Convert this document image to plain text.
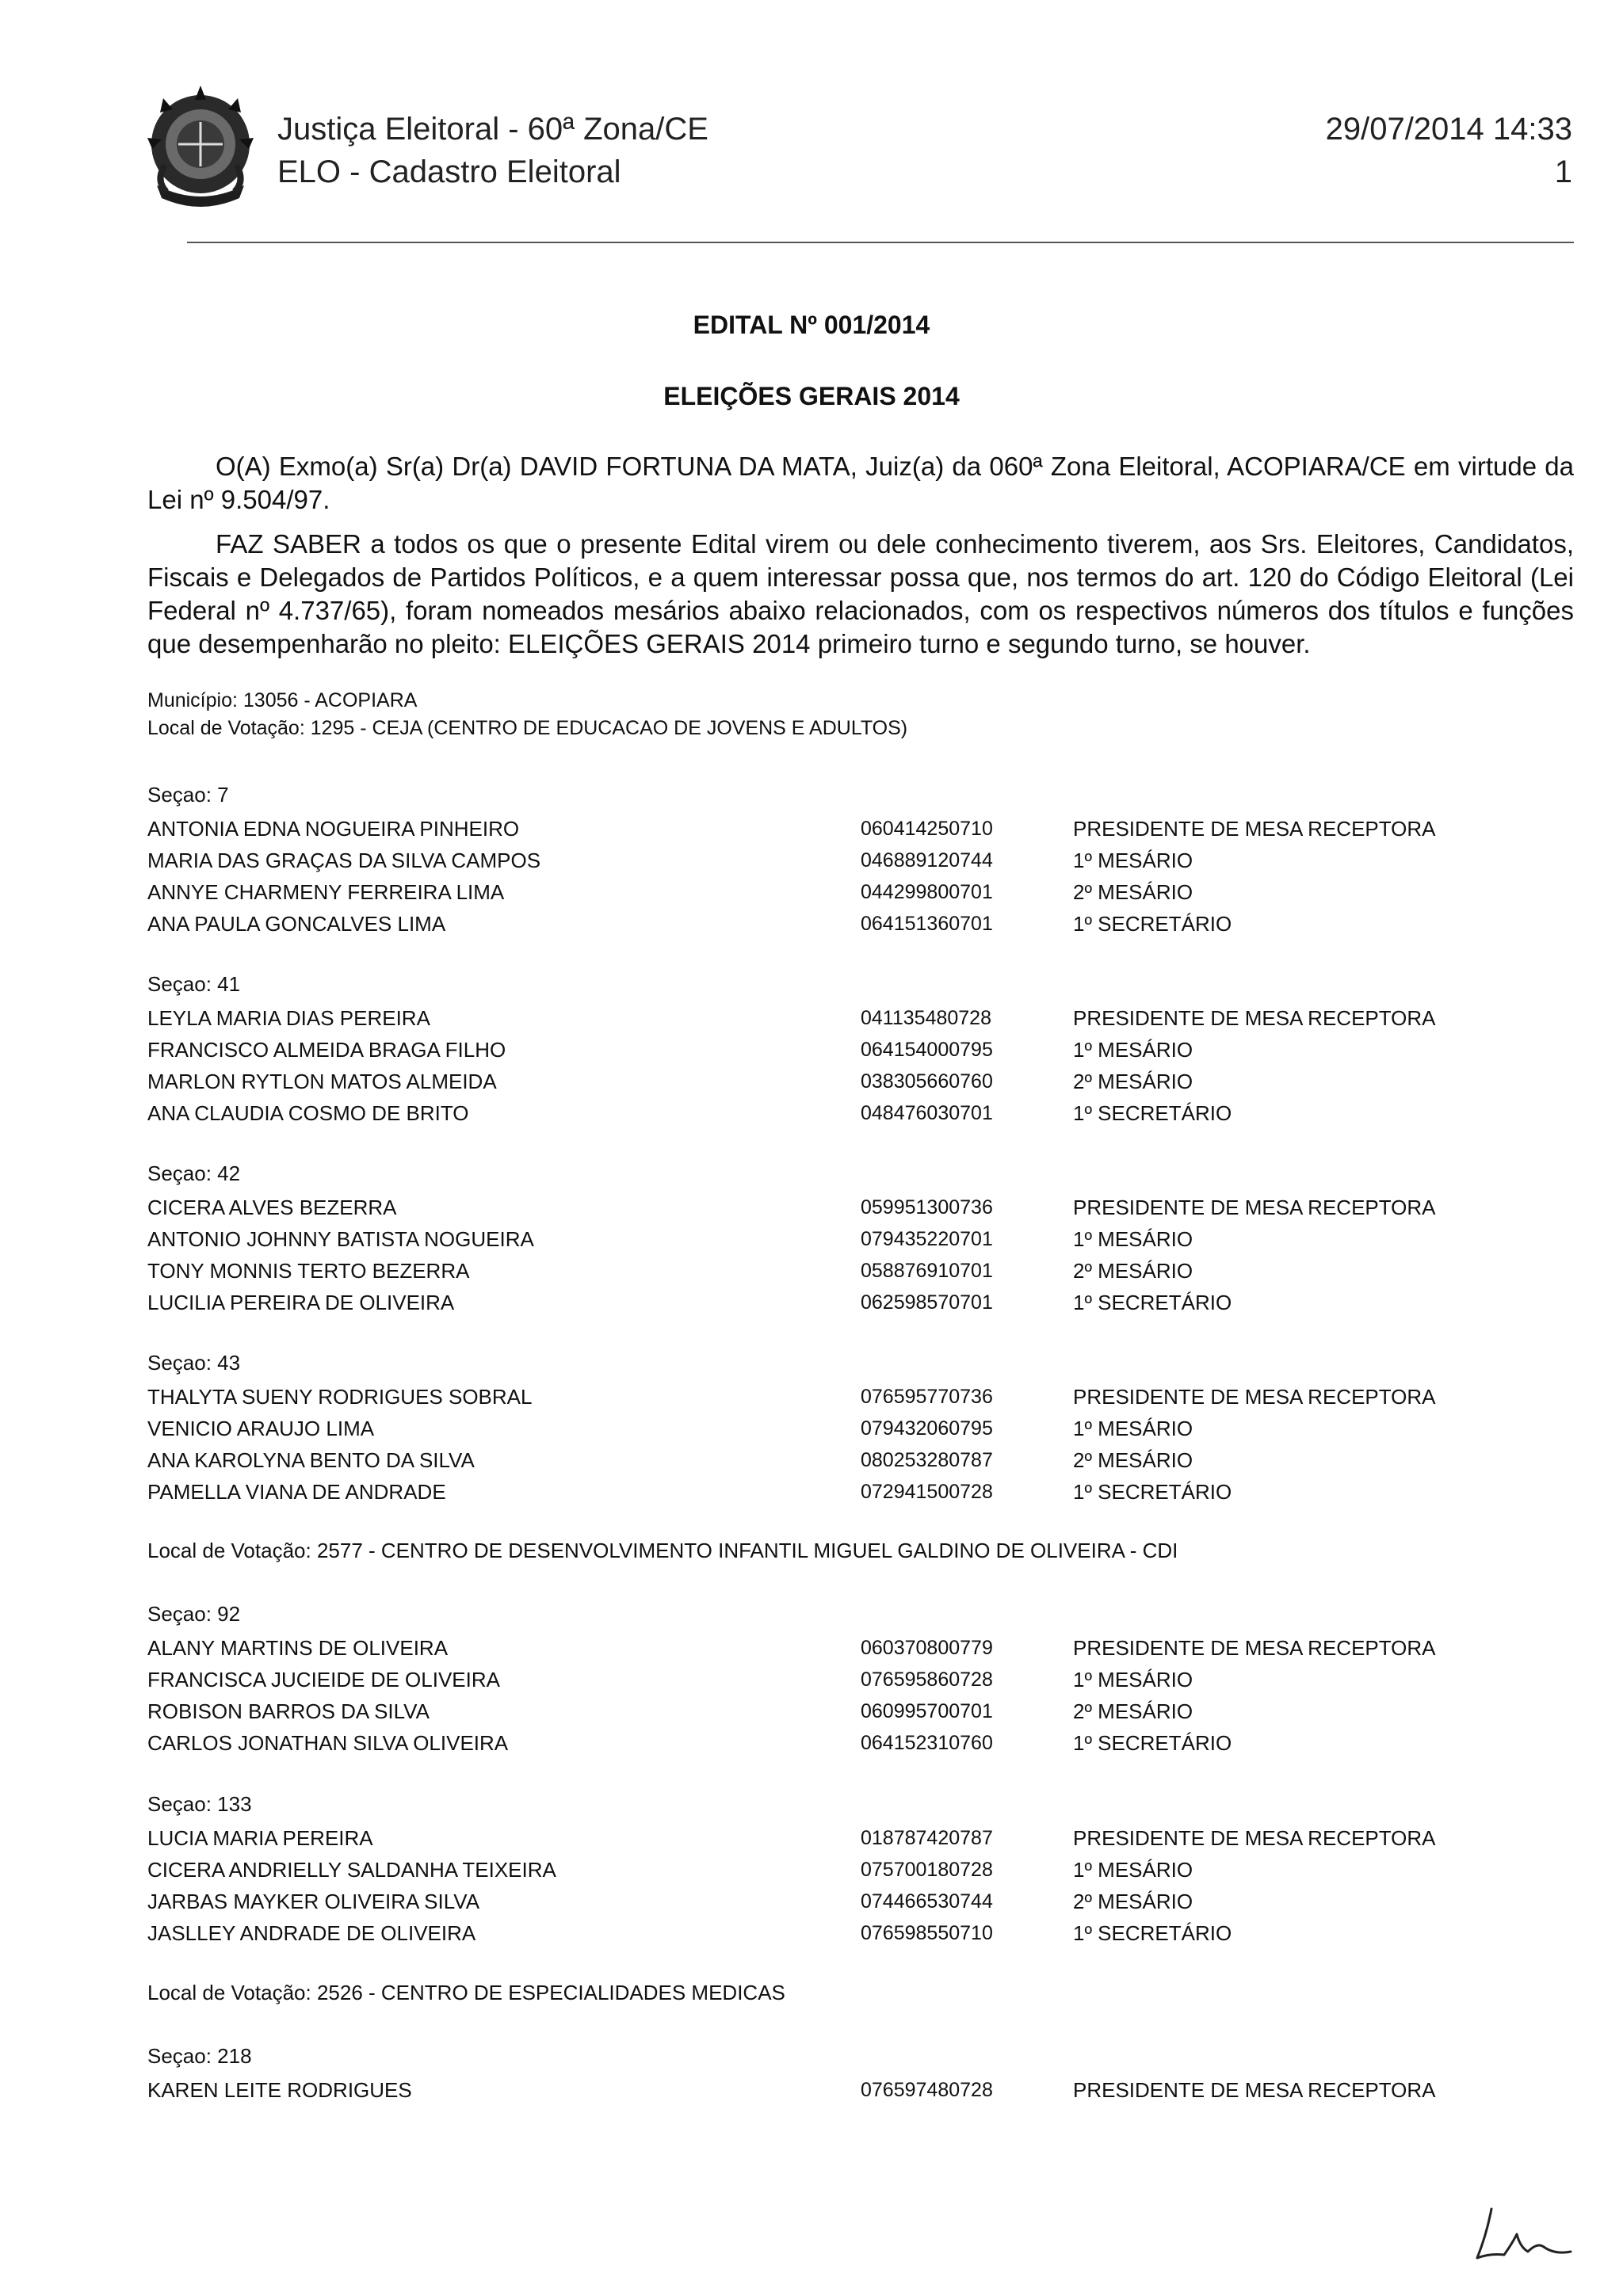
Justiça Eleitoral - 60ª Zona/CE
ELO - Cadastro Eleitoral
29/07/2014 14:33
1
EDITAL Nº 001/2014
ELEIÇÕES GERAIS 2014

O(A) Exmo(a) Sr(a) Dr(a) DAVID FORTUNA DA MATA, Juiz(a) da 060ª Zona Eleitoral, ACOPIARA/CE em virtude da Lei nº 9.504/97.

FAZ SABER a todos os que o presente Edital virem ou dele conhecimento tiverem, aos Srs. Eleitores, Candidatos, Fiscais e Delegados de Partidos Políticos, e a quem interessar possa que, nos termos do art. 120 do Código Eleitoral (Lei Federal nº 4.737/65), foram nomeados mesários abaixo relacionados, com os respectivos números dos títulos e funções que desempenharão no pleito: ELEIÇÕES GERAIS 2014 primeiro turno e segundo turno, se houver.

Município: 13056 - ACOPIARA
Local de Votação: 1295 - CEJA (CENTRO DE EDUCACAO DE JOVENS E ADULTOS)
Seçao: 7
ANTONIA EDNA NOGUEIRA PINHEIRO	060414250710	PRESIDENTE DE MESA RECEPTORA
MARIA DAS GRAÇAS DA SILVA CAMPOS	046889120744	1º MESÁRIO
ANNYE CHARMENY FERREIRA LIMA	044299800701	2º MESÁRIO
ANA PAULA GONCALVES LIMA	064151360701	1º SECRETÁRIO
Seçao: 41
LEYLA MARIA DIAS PEREIRA	041135480728	PRESIDENTE DE MESA RECEPTORA
FRANCISCO ALMEIDA BRAGA FILHO	064154000795	1º MESÁRIO
MARLON RYTLON MATOS ALMEIDA	038305660760	2º MESÁRIO
ANA CLAUDIA COSMO DE BRITO	048476030701	1º SECRETÁRIO
Seçao: 42
CICERA ALVES BEZERRA	059951300736	PRESIDENTE DE MESA RECEPTORA
ANTONIO JOHNNY BATISTA NOGUEIRA	079435220701	1º MESÁRIO
TONY MONNIS TERTO BEZERRA	058876910701	2º MESÁRIO
LUCILIA PEREIRA DE OLIVEIRA	062598570701	1º SECRETÁRIO
Seçao: 43
THALYTA SUENY RODRIGUES SOBRAL	076595770736	PRESIDENTE DE MESA RECEPTORA
VENICIO ARAUJO LIMA	079432060795	1º MESÁRIO
ANA KAROLYNA BENTO DA SILVA	080253280787	2º MESÁRIO
PAMELLA VIANA DE ANDRADE	072941500728	1º SECRETÁRIO
Local de Votação: 2577 - CENTRO DE DESENVOLVIMENTO INFANTIL MIGUEL GALDINO DE OLIVEIRA - CDI
Seçao: 92
ALANY MARTINS DE OLIVEIRA	060370800779	PRESIDENTE DE MESA RECEPTORA
FRANCISCA JUCIEIDE DE OLIVEIRA	076595860728	1º MESÁRIO
ROBISON BARROS DA SILVA	060995700701	2º MESÁRIO
CARLOS JONATHAN SILVA OLIVEIRA	064152310760	1º SECRETÁRIO
Seçao: 133
LUCIA MARIA PEREIRA	018787420787	PRESIDENTE DE MESA RECEPTORA
CICERA ANDRIELLY SALDANHA TEIXEIRA	075700180728	1º MESÁRIO
JARBAS MAYKER OLIVEIRA SILVA	074466530744	2º MESÁRIO
JASLLEY ANDRADE DE OLIVEIRA	076598550710	1º SECRETÁRIO
Local de Votação: 2526 - CENTRO DE ESPECIALIDADES MEDICAS
Seçao: 218
KAREN LEITE RODRIGUES	076597480728	PRESIDENTE DE MESA RECEPTORA
